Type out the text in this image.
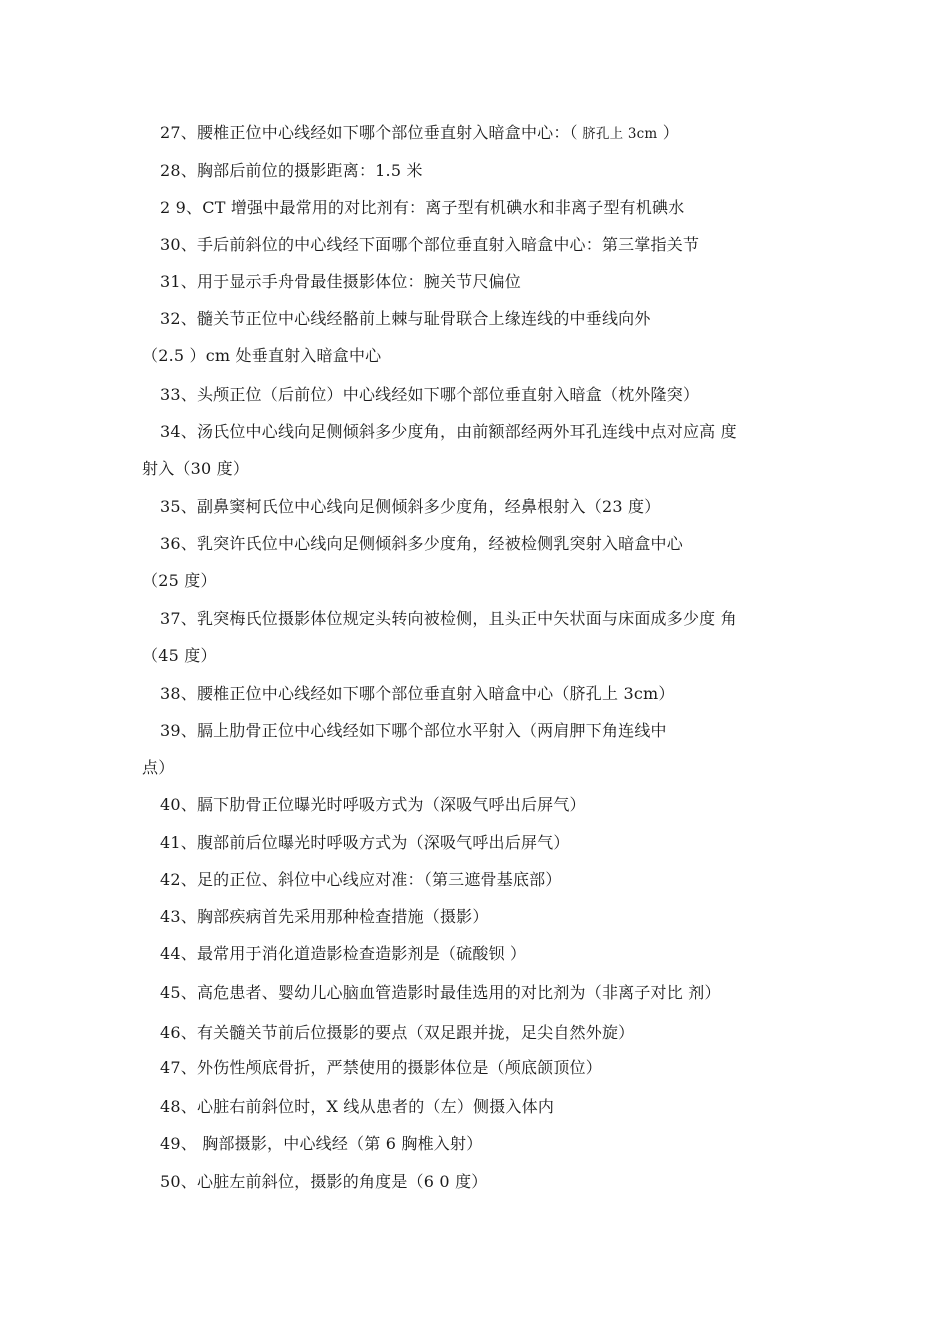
27、腰椎正位中心线经如下哪个部位垂直射入暗盒中心：（ 脐孔上 3cm ）
28、胸部后前位的摄影距离：1.5 米
2 9、CT 增强中最常用的对比剂有：离子型有机碘水和非离子型有机碘水
30、手后前斜位的中心线经下面哪个部位垂直射入暗盒中心：第三掌指关节
31、用于显示手舟骨最佳摄影体位：腕关节尺偏位
32、髓关节正位中心线经骼前上棘与耻骨联合上缘连线的中垂线向外
（2.5 ）cm 处垂直射入暗盒中心
33、头颅正位（后前位）中心线经如下哪个部位垂直射入暗盒（枕外隆突）
34、汤氏位中心线向足侧倾斜多少度角，由前额部经两外耳孔连线中点对应高 度
射入（30 度）
35、副鼻窦柯氏位中心线向足侧倾斜多少度角，经鼻根射入（23 度）
36、乳突许氏位中心线向足侧倾斜多少度角，经被检侧乳突射入暗盒中心
（25 度）
37、乳突梅氏位摄影体位规定头转向被检侧，且头正中矢状面与床面成多少度 角
（45 度）
38、腰椎正位中心线经如下哪个部位垂直射入暗盒中心（脐孔上 3cm）
39、膈上肋骨正位中心线经如下哪个部位水平射入（两肩胛下角连线中
点）
40、膈下肋骨正位曝光时呼吸方式为（深吸气呼出后屏气）
41、腹部前后位曝光时呼吸方式为（深吸气呼出后屏气）
42、足的正位、斜位中心线应对准：（第三遮骨基底部）
43、胸部疾病首先采用那种检查措施（摄影）
44、最常用于消化道造影检查造影剂是（硫酸钡 ）
45、高危患者、婴幼儿心脑血管造影时最佳选用的对比剂为（非离子对比 剂）
46、有关髓关节前后位摄影的要点（双足跟并拢，足尖自然外旋）
47、外伤性颅底骨折，严禁使用的摄影体位是（颅底颌顶位）
48、心脏右前斜位时，X 线从患者的（左）侧摄入体内
49、 胸部摄影，中心线经（第 6 胸椎入射）
50、心脏左前斜位，摄影的角度是（6 0 度）
